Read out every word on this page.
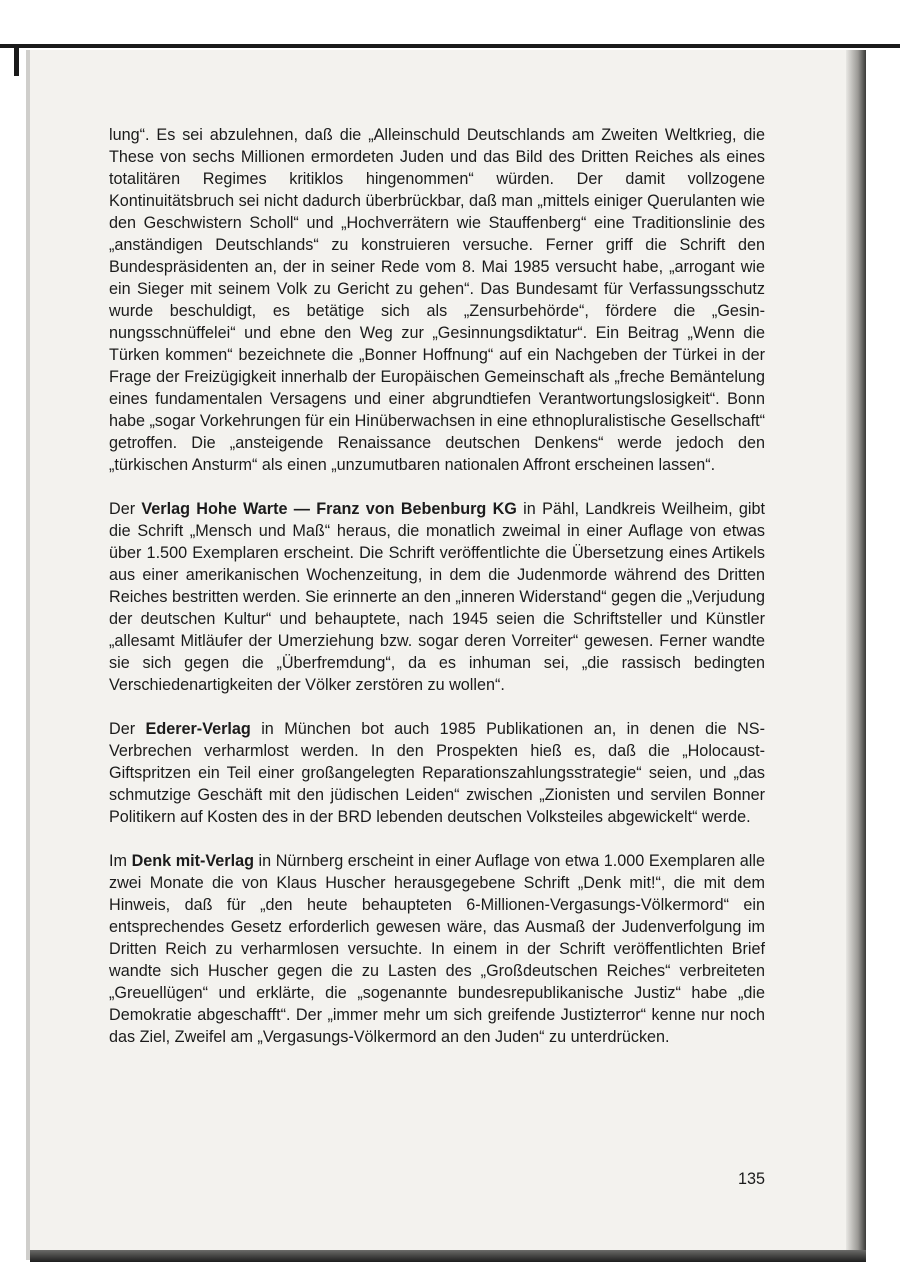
lung“. Es sei abzulehnen, daß die „Alleinschuld Deutschlands am Zweiten Weltkrieg, die These von sechs Millionen ermordeten Juden und das Bild des Dritten Reiches als eines totalitären Regimes kritiklos hingenommen“ würden. Der damit vollzogene Kontinuitätsbruch sei nicht dadurch überbrückbar, daß man „mittels einiger Querulanten wie den Geschwistern Scholl“ und „Hochverrätern wie Stauffenberg“ eine Traditionslinie des „anständigen Deutschlands“ zu konstruieren versuche. Ferner griff die Schrift den Bundespräsidenten an, der in seiner Rede vom 8. Mai 1985 versucht habe, „arrogant wie ein Sieger mit seinem Volk zu Gericht zu gehen“. Das Bundesamt für Verfassungsschutz wurde beschuldigt, es betätige sich als „Zensurbehörde“, fördere die „Gesinnungsschnüffelei“ und ebne den Weg zur „Gesinnungsdiktatur“. Ein Beitrag „Wenn die Türken kommen“ bezeichnete die „Bonner Hoffnung“ auf ein Nachgeben der Türkei in der Frage der Freizügigkeit innerhalb der Europäischen Gemeinschaft als „freche Bemäntelung eines fundamentalen Versagens und einer abgrundtiefen Verantwortungslosigkeit“. Bonn habe „sogar Vorkehrungen für ein Hinüberwachsen in eine ethnopluralistische Gesellschaft“ getroffen. Die „ansteigende Renaissance deutschen Denkens“ werde jedoch den „türkischen Ansturm“ als einen „unzumutbaren nationalen Affront erscheinen lassen“.

Der Verlag Hohe Warte — Franz von Bebenburg KG in Pähl, Landkreis Weilheim, gibt die Schrift „Mensch und Maß“ heraus, die monatlich zweimal in einer Auflage von etwas über 1.500 Exemplaren erscheint. Die Schrift veröffentlichte die Übersetzung eines Artikels aus einer amerikanischen Wochenzeitung, in dem die Judenmorde während des Dritten Reiches bestritten werden. Sie erinnerte an den „inneren Widerstand“ gegen die „Verjudung der deutschen Kultur“ und behauptete, nach 1945 seien die Schriftsteller und Künstler „allesamt Mitläufer der Umerziehung bzw. sogar deren Vorreiter“ gewesen. Ferner wandte sie sich gegen die „Überfremdung“, da es inhuman sei, „die rassisch bedingten Verschiedenartigkeiten der Völker zerstören zu wollen“.

Der Ederer-Verlag in München bot auch 1985 Publikationen an, in denen die NS-Verbrechen verharmlost werden. In den Prospekten hieß es, daß die „Holocaust-Giftspritzen ein Teil einer großangelegten Reparationszahlungsstrategie“ seien, und „das schmutzige Geschäft mit den jüdischen Leiden“ zwischen „Zionisten und servilen Bonner Politikern auf Kosten des in der BRD lebenden deutschen Volksteiles abgewickelt“ werde.

Im Denk mit-Verlag in Nürnberg erscheint in einer Auflage von etwa 1.000 Exemplaren alle zwei Monate die von Klaus Huscher herausgegebene Schrift „Denk mit!“, die mit dem Hinweis, daß für „den heute behaupteten 6-Millionen-Vergasungs-Völkermord“ ein entsprechendes Gesetz erforderlich gewesen wäre, das Ausmaß der Judenverfolgung im Dritten Reich zu verharmlosen versuchte. In einem in der Schrift veröffentlichten Brief wandte sich Huscher gegen die zu Lasten des „Großdeutschen Reiches“ verbreiteten „Greuellügen“ und erklärte, die „sogenannte bundesrepublikanische Justiz“ habe „die Demokratie abgeschafft“. Der „immer mehr um sich greifende Justizterror“ kenne nur noch das Ziel, Zweifel am „Vergasungs-Völkermord an den Juden“ zu unterdrücken.

135
